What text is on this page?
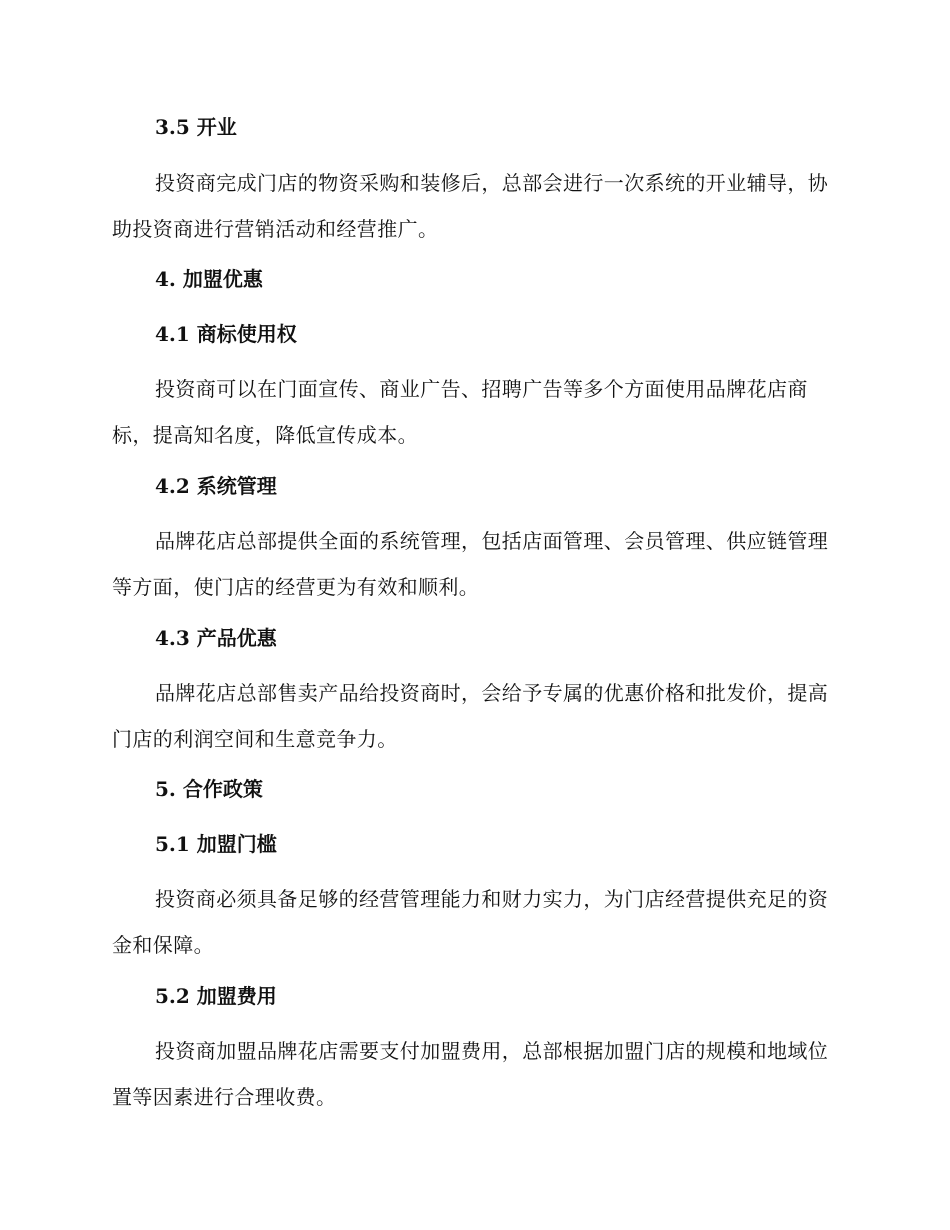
3.5 开业

投资商完成门店的物资采购和装修后，总部会进行一次系统的开业辅导，协助投资商进行营销活动和经营推广。

4. 加盟优惠
4.1 商标使用权

投资商可以在门面宣传、商业广告、招聘广告等多个方面使用品牌花店商标，提高知名度，降低宣传成本。

4.2 系统管理

品牌花店总部提供全面的系统管理，包括店面管理、会员管理、供应链管理等方面，使门店的经营更为有效和顺利。

4.3 产品优惠

品牌花店总部售卖产品给投资商时，会给予专属的优惠价格和批发价，提高门店的利润空间和生意竞争力。

5. 合作政策
5.1 加盟门槛

投资商必须具备足够的经营管理能力和财力实力，为门店经营提供充足的资金和保障。

5.2 加盟费用

投资商加盟品牌花店需要支付加盟费用，总部根据加盟门店的规模和地域位置等因素进行合理收费。
